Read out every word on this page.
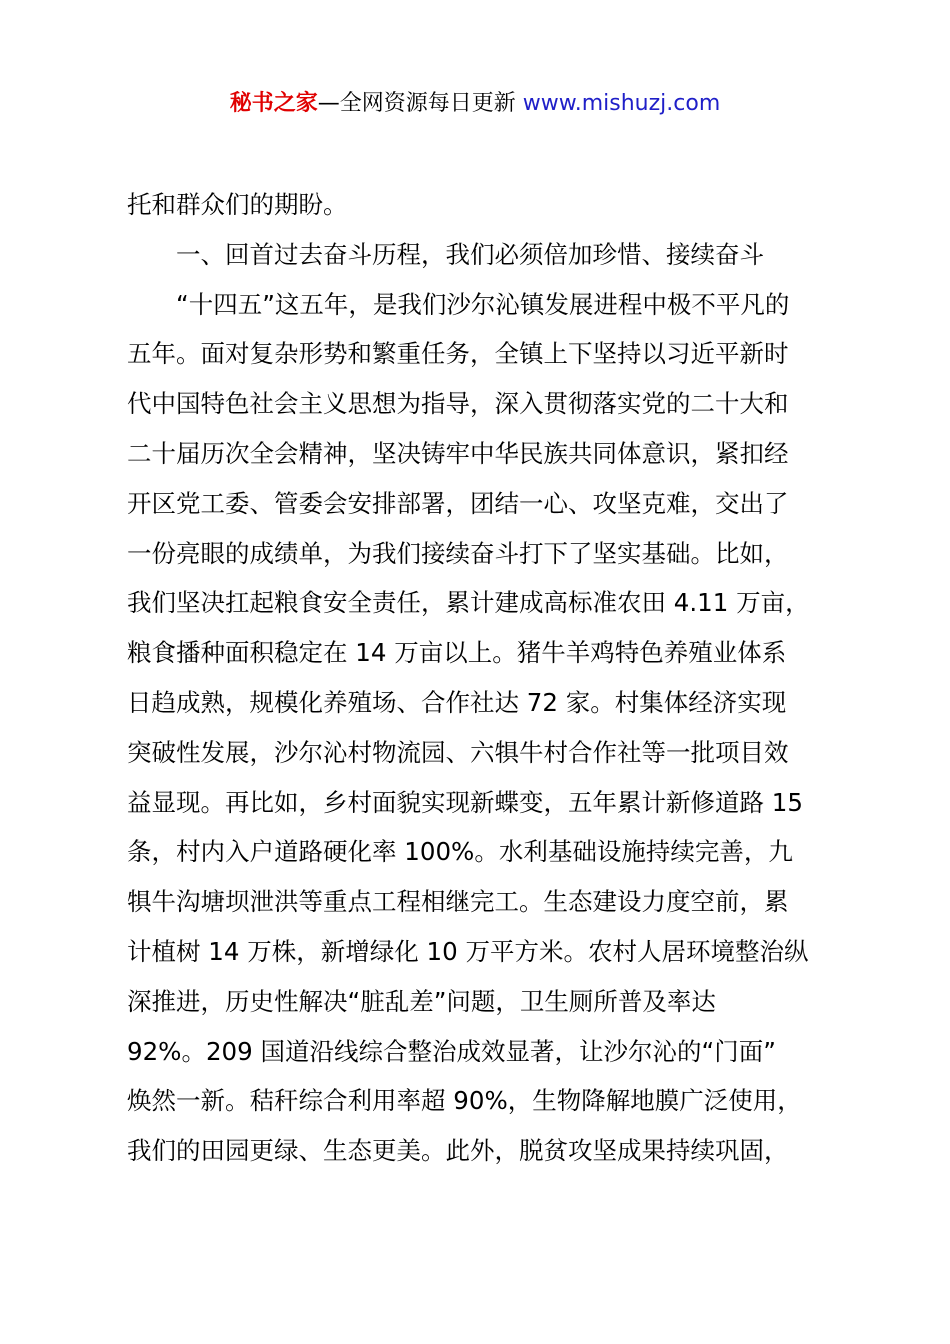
秘书之家—全网资源每日更新 www.mishuzj.com
托和群众们的期盼。
　　一、回首过去奋斗历程，我们必须倍加珍惜、接续奋斗
　　“十四五”这五年，是我们沙尔沁镇发展进程中极不平凡的
五年。面对复杂形势和繁重任务，全镇上下坚持以习近平新时
代中国特色社会主义思想为指导，深入贯彻落实党的二十大和
二十届历次全会精神，坚决铸牢中华民族共同体意识，紧扣经
开区党工委、管委会安排部署，团结一心、攻坚克难，交出了
一份亮眼的成绩单，为我们接续奋斗打下了坚实基础。比如，
我们坚决扛起粮食安全责任，累计建成高标准农田 4.11 万亩，
粮食播种面积稳定在 14 万亩以上。猪牛羊鸡特色养殖业体系
日趋成熟，规模化养殖场、合作社达 72 家。村集体经济实现
突破性发展，沙尔沁村物流园、六犋牛村合作社等一批项目效
益显现。再比如，乡村面貌实现新蝶变，五年累计新修道路 15
条，村内入户道路硬化率 100%。水利基础设施持续完善，九
犋牛沟塘坝泄洪等重点工程相继完工。生态建设力度空前，累
计植树 14 万株，新增绿化 10 万平方米。农村人居环境整治纵
深推进，历史性解决“脏乱差”问题，卫生厕所普及率达
92%。209 国道沿线综合整治成效显著，让沙尔沁的“门面”
焕然一新。秸秆综合利用率超 90%，生物降解地膜广泛使用，
我们的田园更绿、生态更美。此外，脱贫攻坚成果持续巩固，
